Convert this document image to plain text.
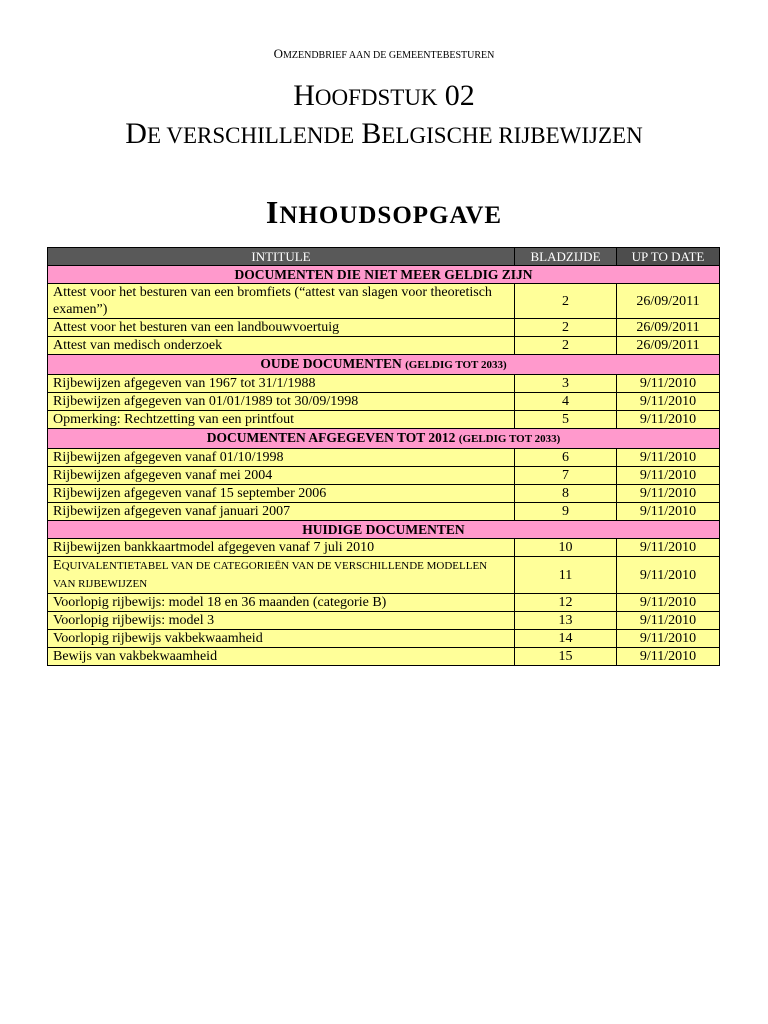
OMZENDBRIEF AAN DE GEMEENTEBESTUREN
HOOFDSTUK 02
DE VERSCHILLENDE BELGISCHE RIJBEWIJZEN
INHOUDSOPGAVE
INTITULE	BLADZIJDE	UP TO DATE
DOCUMENTEN DIE NIET MEER GELDIG ZIJN		
Attest voor het besturen van een bromfiets (“attest van slagen voor theoretisch examen”)	2	26/09/2011
Attest voor het besturen van een landbouwvoertuig	2	26/09/2011
Attest van medisch onderzoek	2	26/09/2011
OUDE DOCUMENTEN (GELDIG TOT 2033)		
Rijbewijzen afgegeven van 1967 tot 31/1/1988	3	9/11/2010
Rijbewijzen afgegeven van 01/01/1989 tot 30/09/1998	4	9/11/2010
Opmerking: Rechtzetting van een printfout	5	9/11/2010
DOCUMENTEN AFGEGEVEN TOT 2012 (GELDIG TOT 2033)		
Rijbewijzen afgegeven vanaf 01/10/1998	6	9/11/2010
Rijbewijzen afgegeven vanaf mei 2004	7	9/11/2010
Rijbewijzen afgegeven vanaf 15 september 2006	8	9/11/2010
Rijbewijzen afgegeven vanaf januari 2007	9	9/11/2010
HUIDIGE DOCUMENTEN		
Rijbewijzen bankkaartmodel afgegeven vanaf 7 juli 2010	10	9/11/2010
EQUIVALENTIETABEL VAN DE CATEGORIEËN VAN DE VERSCHILLENDE MODELLEN VAN RIJBEWIJZEN	11	9/11/2010
Voorlopig rijbewijs: model 18 en 36 maanden (categorie B)	12	9/11/2010
Voorlopig rijbewijs: model 3	13	9/11/2010
Voorlopig rijbewijs vakbekwaamheid	14	9/11/2010
Bewijs van vakbekwaamheid	15	9/11/2010
